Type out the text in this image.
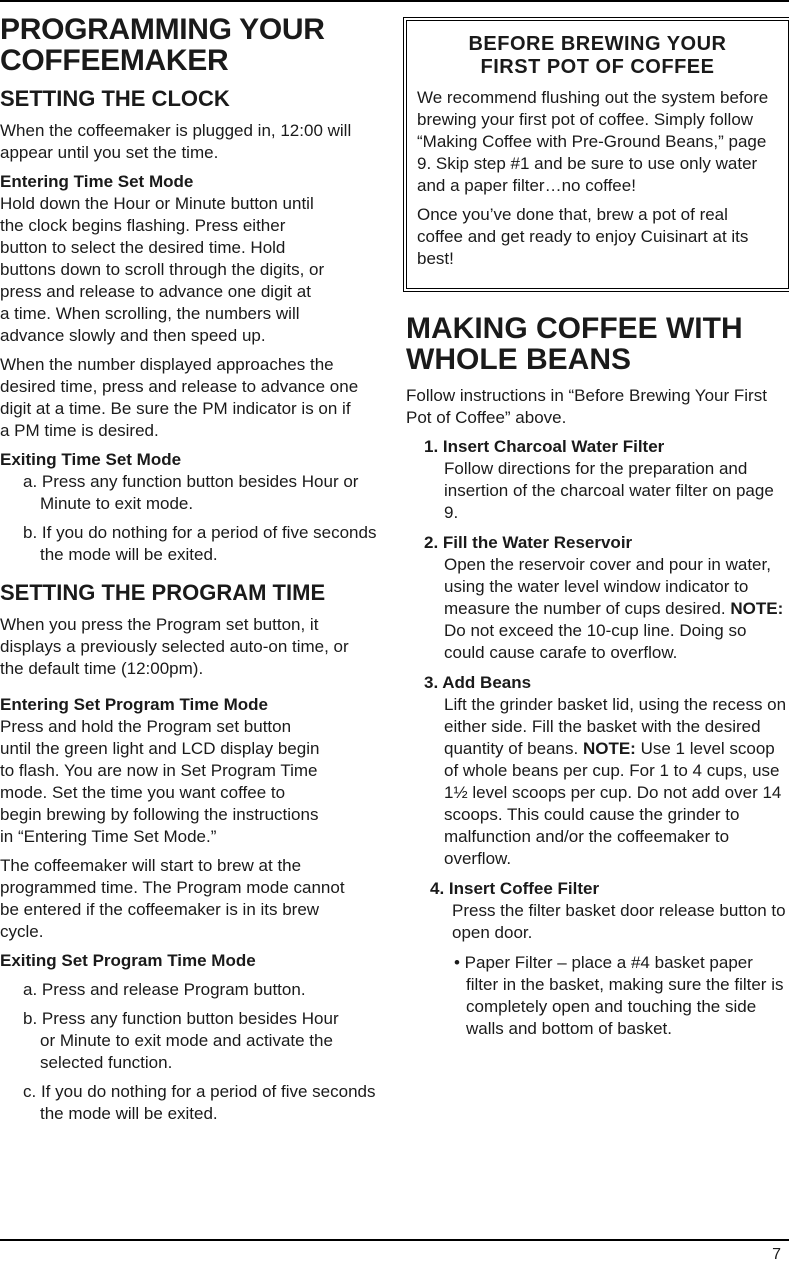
PROGRAMMING YOUR
COFFEEMAKER
SETTING THE CLOCK

When the coffeemaker is plugged in, 12:00 will appear until you set the time.

Entering Time Set Mode

Hold down the Hour or Minute button until the clock begins flashing. Press either button to select the desired time. Hold buttons down to scroll through the digits, or press and release to advance one digit at a time. When scrolling, the numbers will advance slowly and then speed up.

When the number displayed approaches the desired time, press and release to advance one digit at a time. Be sure the PM indicator is on if a PM time is desired.

Exiting Time Set Mode

a. Press any function button besides Hour or Minute to exit mode.

b. If you do nothing for a period of five seconds the mode will be exited.

SETTING THE PROGRAM TIME

When you press the Program set button, it displays a previously selected auto-on time, or the default time (12:00pm).

Entering Set Program Time Mode

Press and hold the Program set button until the green light and LCD display begin to flash. You are now in Set Program Time mode. Set the time you want coffee to begin brewing by following the instructions in “Entering Time Set Mode.”

The coffeemaker will start to brew at the programmed time. The Program mode cannot be entered if the coffeemaker is in its brew cycle.

Exiting Set Program Time Mode

a. Press and release Program button.

b. Press any function button besides Hour or Minute to exit mode and activate the selected function.

c. If you do nothing for a period of five seconds the mode will be exited.

BEFORE BREWING YOUR
FIRST POT OF COFFEE

We recommend flushing out the system before brewing your first pot of coffee. Simply follow “Making Coffee with Pre-Ground Beans,” page 9. Skip step #1 and be sure to use only water and a paper filter…no coffee!

Once you’ve done that, brew a pot of real coffee and get ready to enjoy Cuisinart at its best!

MAKING COFFEE WITH
WHOLE BEANS

Follow instructions in “Before Brewing Your First Pot of Coffee” above.

1. Insert Charcoal Water Filter
Follow directions for the preparation and insertion of the charcoal water filter on page 9.
2. Fill the Water Reservoir
Open the reservoir cover and pour in water, using the water level window indicator to measure the number of cups desired. NOTE: Do not exceed the 10-cup line. Doing so could cause carafe to overflow.
3. Add Beans
Lift the grinder basket lid, using the recess on either side. Fill the basket with the desired quantity of beans. NOTE: Use 1 level scoop of whole beans per cup. For 1 to 4 cups, use 1½ level scoops per cup. Do not add over 14 scoops. This could cause the grinder to malfunction and/or the coffeemaker to overflow.
4. Insert Coffee Filter
Press the filter basket door release button to open door.
• Paper Filter – place a #4 basket paper filter in the basket, making sure the filter is completely open and touching the side walls and bottom of basket.
7
